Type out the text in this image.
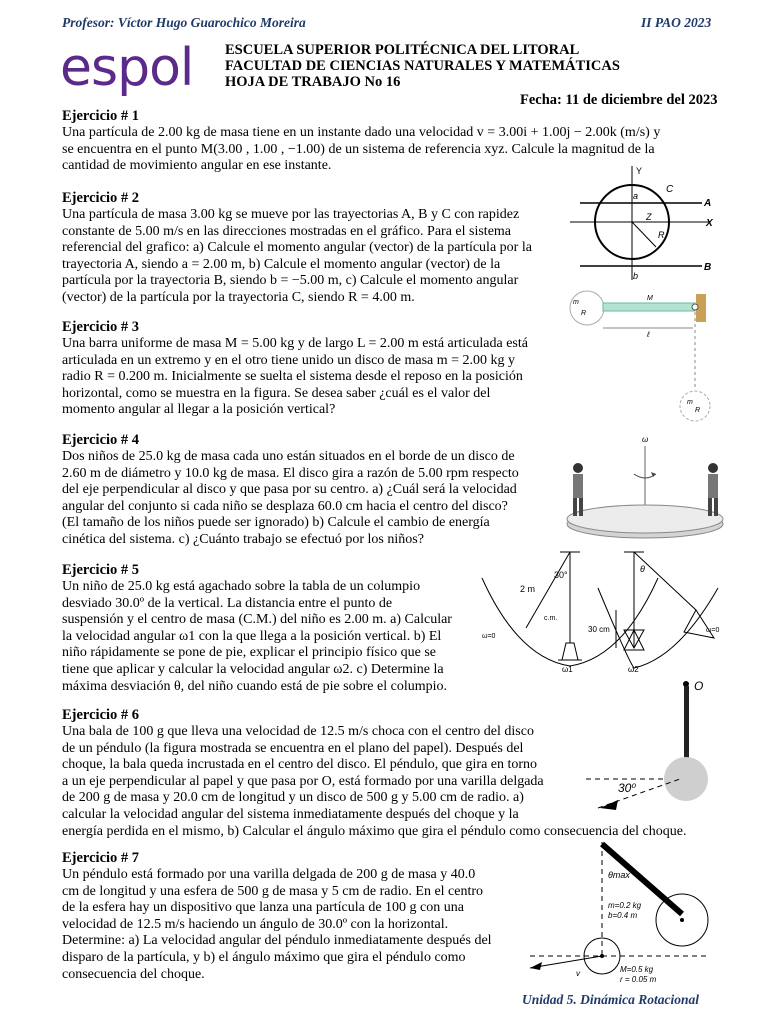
Profesor: Víctor Hugo Guarochico Moreira	II PAO 2023
espol ESCUELA SUPERIOR POLITÉCNICA DEL LITORAL
FACULTAD DE CIENCIAS NATURALES Y MATEMÁTICAS
HOJA DE TRABAJO No 16
Fecha: 11 de diciembre del 2023
Ejercicio # 1
Una partícula de 2.00 kg de masa tiene en un instante dado una velocidad v = 3.00i + 1.00j − 2.00k (m/s) y
se encuentra en el punto M(3.00 , 1.00 , −1.00) de un sistema de referencia xyz. Calcule la magnitud de la
cantidad de movimiento angular en ese instante.
Ejercicio # 2
Una partícula de masa 3.00 kg se mueve por las trayectorias A, B y C con rapidez
constante de 5.00 m/s en las direcciones mostradas en el gráfico. Para el sistema
referencial del grafico: a) Calcule el momento angular (vector) de la partícula por la
trayectoria A, siendo a = 2.00 m, b) Calcule el momento angular (vector) de la
partícula por la trayectoria B, siendo b = −5.00 m, c) Calcule el momento angular
(vector) de la partícula por la trayectoria C, siendo R = 4.00 m.
Ejercicio # 3
Una barra uniforme de masa M = 5.00 kg y de largo L = 2.00 m está articulada está
articulada en un extremo y en el otro tiene unido un disco de masa m = 2.00 kg y
radio R = 0.200 m. Inicialmente se suelta el sistema desde el reposo en la posición
horizontal, como se muestra en la figura. Se desea saber ¿cuál es el valor del
momento angular al llegar a la posición vertical?
Ejercicio # 4
Dos niños de 25.0 kg de masa cada uno están situados en el borde de un disco de
2.60 m de diámetro y 10.0 kg de masa. El disco gira a razón de 5.00 rpm respecto
del eje perpendicular al disco y que pasa por su centro. a) ¿Cuál será la velocidad
angular del conjunto si cada niño se desplaza 60.0 cm hacia el centro del disco?
(El tamaño de los niños puede ser ignorado) b) Calcule el cambio de energía
cinética del sistema. c) ¿Cuánto trabajo se efectuó por los niños?
Ejercicio # 5
Un niño de 25.0 kg está agachado sobre la tabla de un columpio
desviado 30.0º de la vertical. La distancia entre el punto de
suspensión y el centro de masa (C.M.) del niño es 2.00 m. a) Calcular
la velocidad angular ω1 con la que llega a la posición vertical. b) El
niño rápidamente se pone de pie, explicar el principio físico que se
tiene que aplicar y calcular la velocidad angular ω2. c) Determine la
máxima desviación θ, del niño cuando está de pie sobre el columpio.
Ejercicio # 6
Una bala de 100 g que lleva una velocidad de 12.5 m/s choca con el centro del disco
de un péndulo (la figura mostrada se encuentra en el plano del papel). Después del
choque, la bala queda incrustada en el centro del disco. El péndulo, que gira en torno
a un eje perpendicular al papel y que pasa por O, está formado por una varilla delgada
de 200 g de masa y 20.0 cm de longitud y un disco de 500 g y 5.00 cm de radio. a)
calcular la velocidad angular del sistema inmediatamente después del choque y la
energía perdida en el mismo, b) Calcular el ángulo máximo que gira el péndulo como consecuencia del choque.
Ejercicio # 7
Un péndulo está formado por una varilla delgada de 200 g de masa y 40.0
cm de longitud y una esfera de 500 g de masa y 5 cm de radio. En el centro
de la esfera hay un dispositivo que lanza una partícula de 100 g con una
velocidad de 12.5 m/s haciendo un ángulo de 30.0º con la horizontal.
Determine: a) La velocidad angular del péndulo inmediatamente después del
disparo de la partícula, y b) el ángulo máximo que gira el péndulo como
consecuencia del choque.
Y
C
A
X
B
a
Z
R
b
m
R
M
ℓ
m
R
ω
30°
2 m
c.m.
ω=0
ω1
30 cm
θ
ω2
ω=0
O
30⁰
θmax
m=0.2 kg
b=0.4 m
M=0.5 kg
r = 0.05 m
v
Unidad 5. Dinámica Rotacional
